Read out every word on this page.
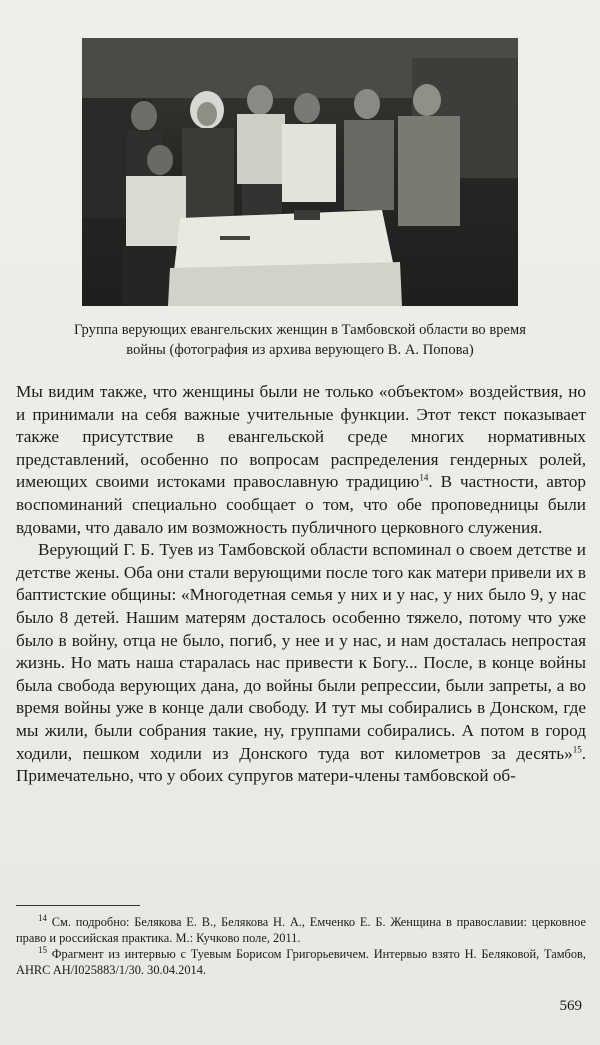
Группа верующих евангельских женщин в Тамбовской области во время
войны (фотография из архива верующего В. А. Попова)

Мы видим также, что женщины были не только «объектом» воздействия, но и принимали на себя важные учительные функции. Этот текст показывает также присутствие в евангельской среде многих нормативных представлений, особенно по вопросам распределения гендерных ролей, имеющих своими истоками православную традицию$^{14}$. В частности, автор воспоминаний специально сообщает о том, что обе проповедницы были вдовами, что давало им возможность публичного церковного служения.

Верующий Г. Б. Туев из Тамбовской области вспоминал о своем детстве и детстве жены. Оба они стали верующими после того как матери привели их в баптистские общины: «Многодетная семья у них и у нас, у них было 9, у нас было 8 детей. Нашим матерям досталось особенно тяжело, потому что уже было в войну, отца не было, погиб, у нее и у нас, и нам досталась непростая жизнь. Но мать наша старалась нас привести к Богу... После, в конце войны была свобода верующих дана, до войны были репрессии, были запреты, а во время войны уже в конце дали свободу. И тут мы собирались в Донском, где мы жили, были собрания такие, ну, группами собирались. А потом в город ходили, пешком ходили из Донского туда вот километров за десять»$^{15}$. Примечательно, что у обоих супругов матери-члены тамбовской об-

$^{14}$ См. подробно: Белякова Е. В., Белякова Н. А., Емченко Е. Б. Женщина в православии: церковное право и российская практика. М.: Кучково поле, 2011.

$^{15}$ Фрагмент из интервью с Туевым Борисом Григорьевичем. Интервью взято Н. Беляковой, Тамбов, AHRC AH/I025883/1/30. 30.04.2014.

569
